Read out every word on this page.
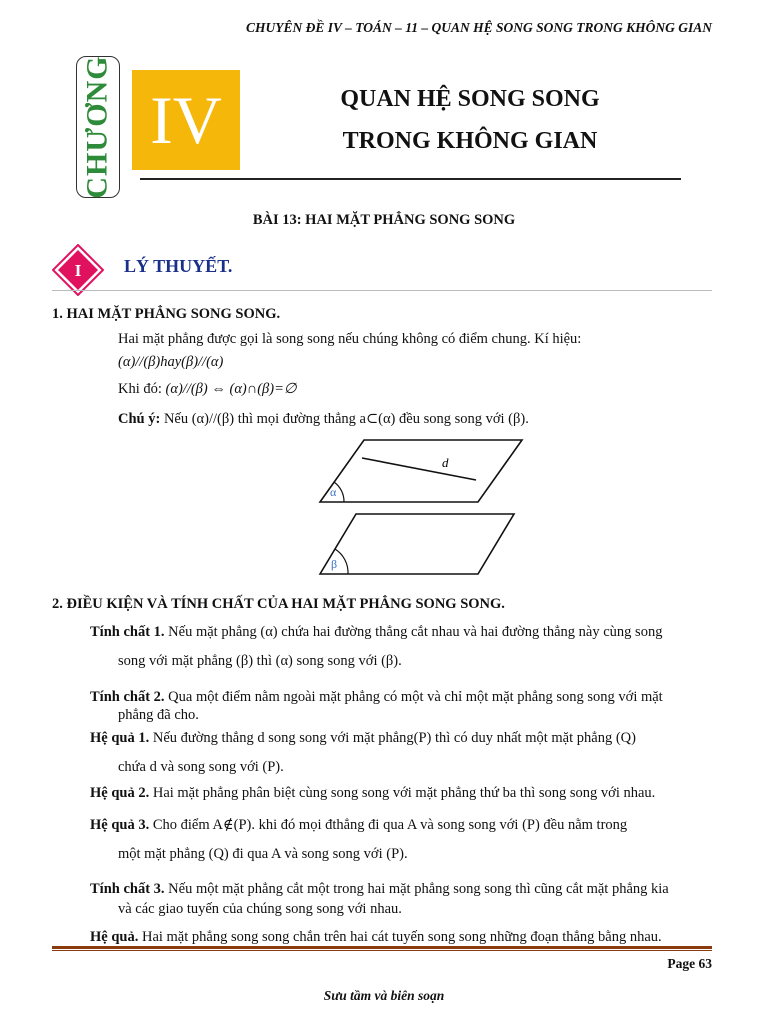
CHUYÊN ĐỀ IV – TOÁN – 11 – QUAN HỆ SONG SONG TRONG KHÔNG GIAN
CHƯƠNG IV	QUAN HỆ SONG SONG
TRONG KHÔNG GIAN
BÀI 13: HAI MẶT PHẲNG SONG SONG
I LÝ THUYẾT.
1. HAI MẶT PHẲNG SONG SONG.
Hai mặt phẳng được gọi là song song nếu chúng không có điểm chung. Kí hiệu:
(α)//(β)hay(β)//(α)
Khi đó: (α)//(β) ⇔ (α)∩(β)=∅
Chú ý: Nếu (α)//(β) thì mọi đường thẳng a⊂(α) đều song song với (β).
d
α
β
2. ĐIỀU KIỆN VÀ TÍNH CHẤT CỦA HAI MẶT PHẲNG SONG SONG.
Tính chất 1. Nếu mặt phẳng (α) chứa hai đường thẳng cắt nhau và hai đường thẳng này cùng song
song với mặt phẳng (β) thì (α) song song với (β).
Tính chất 2. Qua một điểm nằm ngoài mặt phẳng có một và chỉ một mặt phẳng song song với mặt
phẳng đã cho.
Hệ quả 1. Nếu đường thẳng d song song với mặt phẳng(P) thì có duy nhất một mặt phẳng (Q)
chứa d và song song với (P).
Hệ quả 2. Hai mặt phẳng phân biệt cùng song song với mặt phẳng thứ ba thì song song với nhau.
Hệ quả 3. Cho điểm A∉(P). khi đó mọi đthẳng đi qua A và song song với (P) đều nằm trong
một mặt phẳng (Q) đi qua A và song song với (P).
Tính chất 3. Nếu một mặt phẳng cắt một trong hai mặt phẳng song song thì cũng cắt mặt phẳng kia
và các giao tuyến của chúng song song với nhau.
Hệ quả. Hai mặt phẳng song song chắn trên hai cát tuyến song song những đoạn thẳng bằng nhau.
Page 63
Sưu tầm và biên soạn
